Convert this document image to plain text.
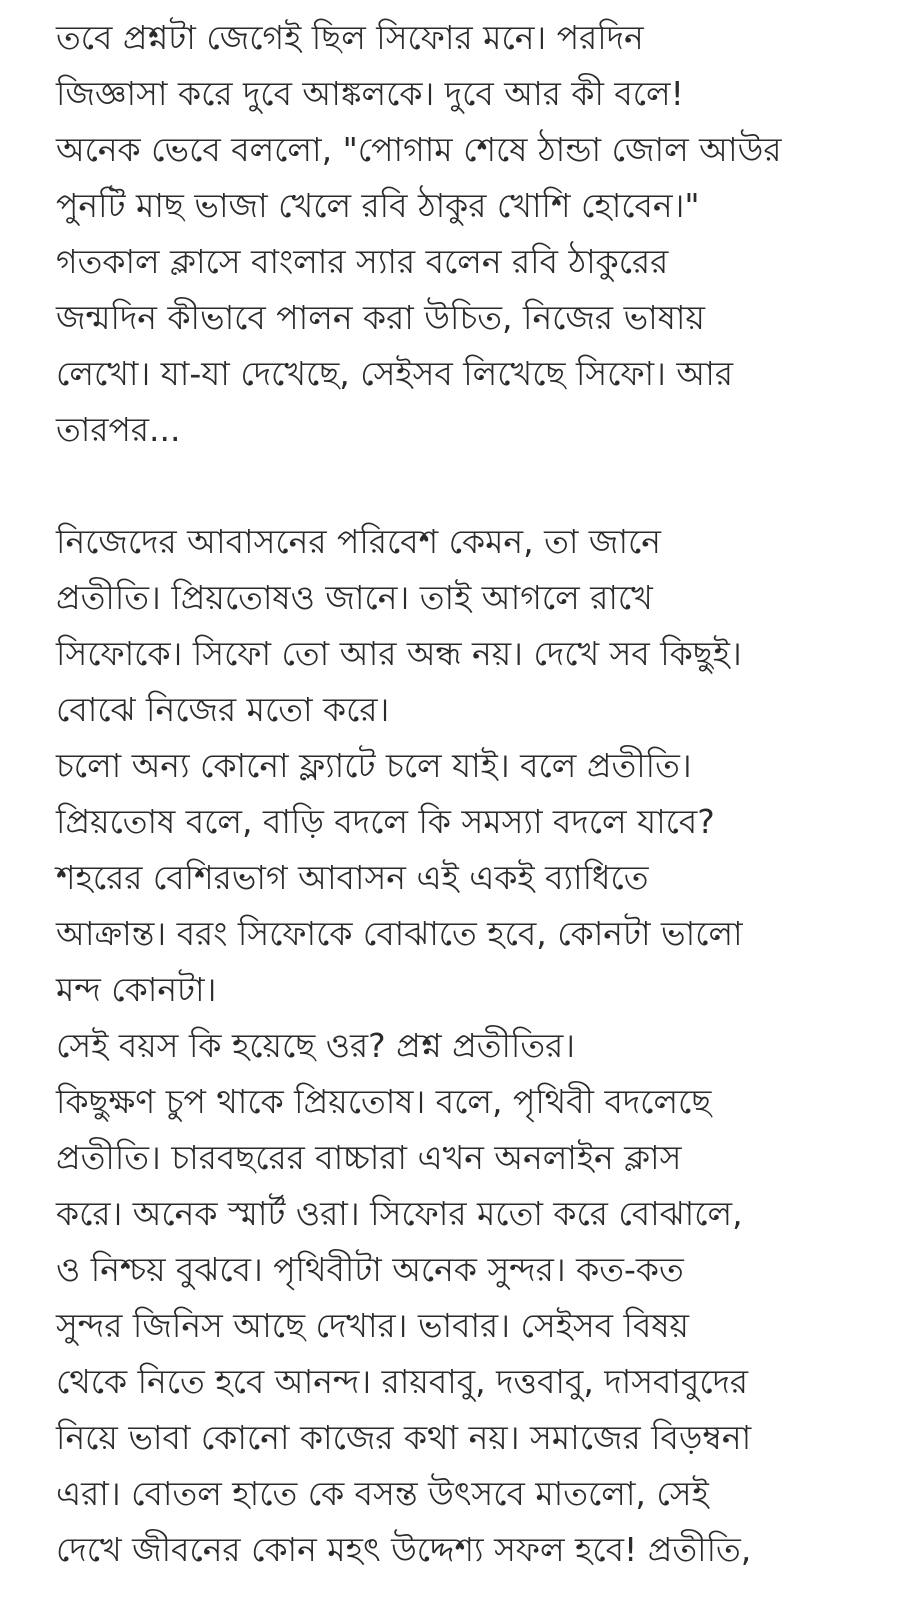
তবে প্রশ্নটা জেগেই ছিল সিফোর মনে। পরদিন
জিজ্ঞাসা করে দুবে আঙ্কলকে। দুবে আর কী বলে!
অনেক ভেবে বললো, "পোগাম শেষে ঠান্ডা জোল আউর
পুনটি মাছ ভাজা খেলে রবি ঠাকুর খোশি হোবেন।"
গতকাল ক্লাসে বাংলার স্যার বলেন রবি ঠাকুরের
জন্মদিন কীভাবে পালন করা উচিত, নিজের ভাষায়
লেখো। যা-যা দেখেছে, সেইসব লিখেছে সিফো। আর
তারপর...
নিজেদের আবাসনের পরিবেশ কেমন, তা জানে
প্রতীতি। প্রিয়তোষও জানে। তাই আগলে রাখে
সিফোকে। সিফো তো আর অন্ধ নয়। দেখে সব কিছুই।
বোঝে নিজের মতো করে।
চলো অন্য কোনো ফ্ল্যাটে চলে যাই। বলে প্রতীতি।
প্রিয়তোষ বলে, বাড়ি বদলে কি সমস্যা বদলে যাবে?
শহরের বেশিরভাগ আবাসন এই একই ব্যাধিতে
আক্রান্ত। বরং সিফোকে বোঝাতে হবে, কোনটা ভালো
মন্দ কোনটা।
সেই বয়স কি হয়েছে ওর? প্রশ্ন প্রতীতির।
কিছুক্ষণ চুপ থাকে প্রিয়তোষ। বলে, পৃথিবী বদলেছে
প্রতীতি। চারবছরের বাচ্চারা এখন অনলাইন ক্লাস
করে। অনেক স্মার্ট ওরা। সিফোর মতো করে বোঝালে,
ও নিশ্চয় বুঝবে। পৃথিবীটা অনেক সুন্দর। কত-কত
সুন্দর জিনিস আছে দেখার। ভাবার। সেইসব বিষয়
থেকে নিতে হবে আনন্দ। রায়বাবু, দত্তবাবু, দাসবাবুদের
নিয়ে ভাবা কোনো কাজের কথা নয়। সমাজের বিড়ম্বনা
এরা। বোতল হাতে কে বসন্ত উৎসবে মাতলো, সেই
দেখে জীবনের কোন মহৎ উদ্দেশ্য সফল হবে! প্রতীতি,
